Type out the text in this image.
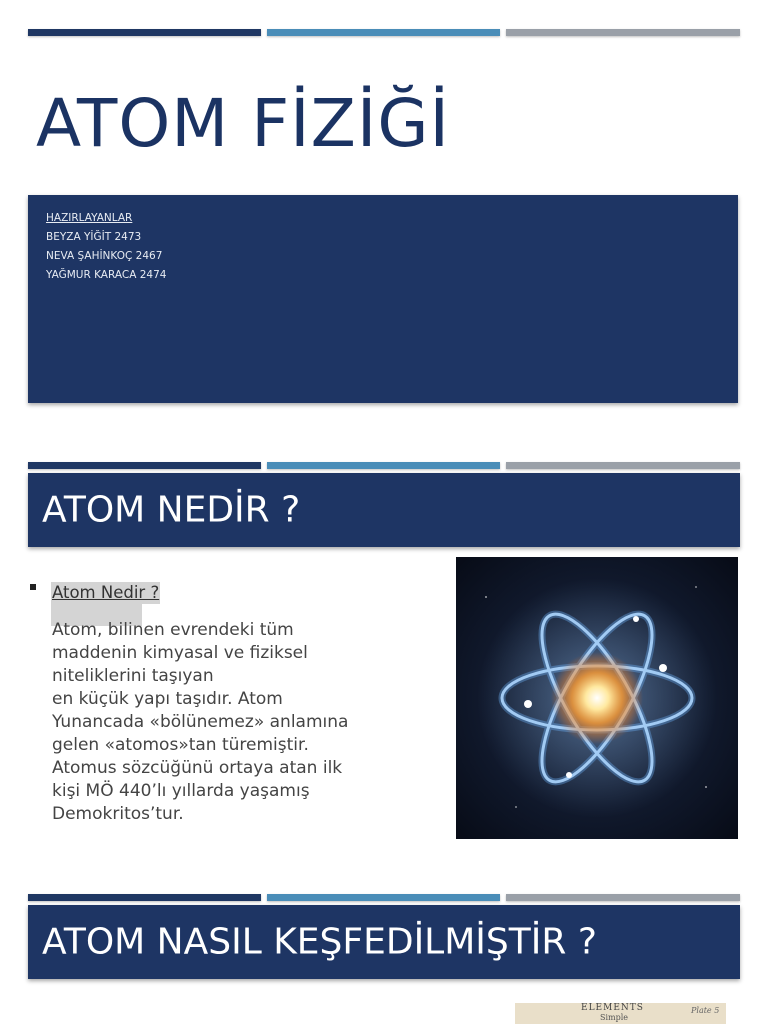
ATOM FİZİĞİ
HAZIRLAYANLAR
BEYZA YİĞİT 2473
NEVA ŞAHİNKOÇ 2467
YAĞMUR KARACA 2474
ATOM NEDİR ?
Atom Nedir ?
Atom, bilinen evrendeki tüm
maddenin kimyasal ve fiziksel
niteliklerini taşıyan
en küçük yapı taşıdır. Atom
Yunancada «bölünemez» anlamına
gelen «atomos»tan türemiştir.
Atomus sözcüğünü ortaya atan ilk
kişi MÖ 440’lı yıllarda yaşamış
Demokritos’tur.
ATOM NASIL KEŞFEDİLMİŞTİR ?
ELEMENTS
Simple
Plate 5
